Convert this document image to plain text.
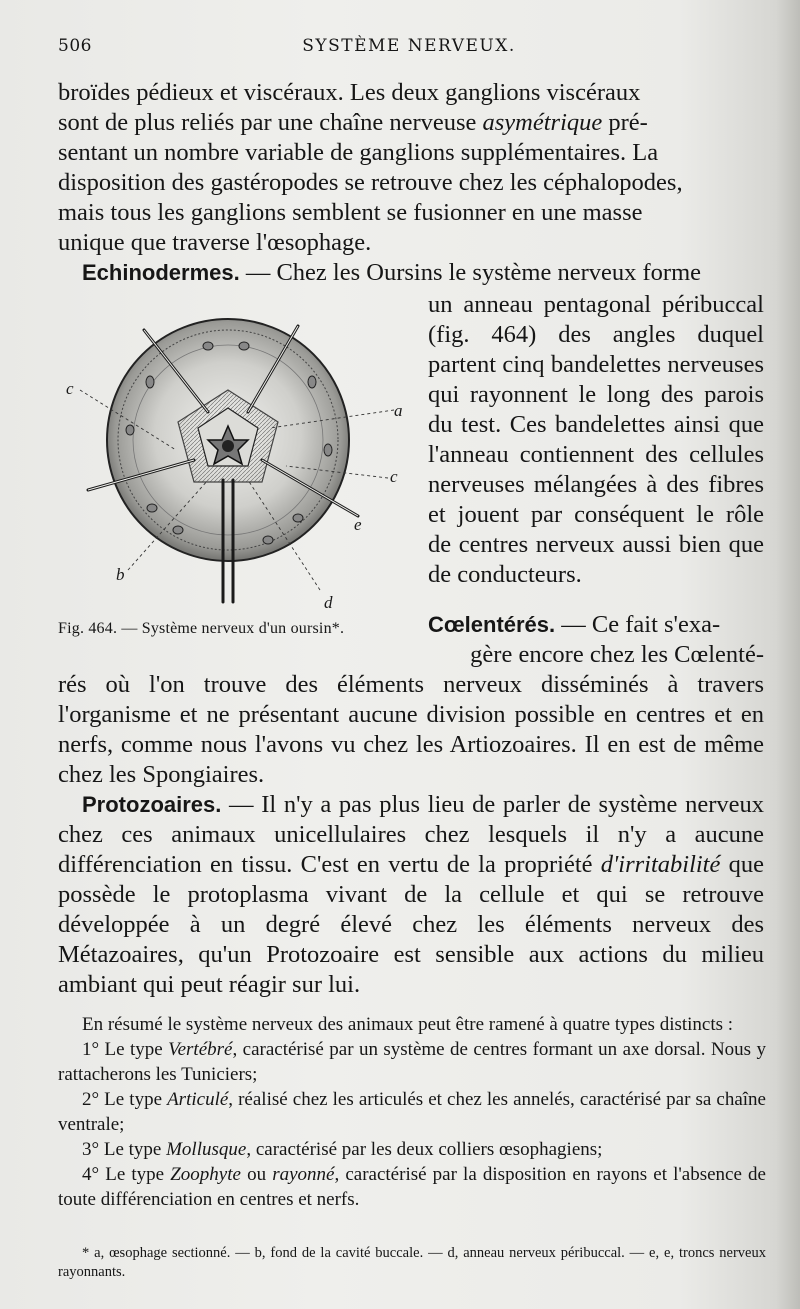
506	SYSTÈME NERVEUX.

broïdes pédieux et viscéraux. Les deux ganglions viscéraux

sont de plus reliés par une chaîne nerveuse asymétrique pré-

sentant un nombre variable de ganglions supplémentaires. La

disposition des gastéropodes se retrouve chez les céphalopodes,

mais tous les ganglions semblent se fusionner en une masse

unique que traverse l'œsophage.

Echinodermes. — Chez les Oursins le système nerveux forme

c
a
c
e
b
d
Fig. 464. — Système nerveux d'un oursin*.
un anneau pentagonal péribuccal (fig. 464) des angles duquel partent cinq bandelettes nerveuses qui rayonnent le long des parois du test. Ces bandelettes ainsi que l'anneau contiennent des cellules nerveuses mélangées à des fibres et jouent par conséquent le rôle de centres nerveux aussi bien que de conducteurs.

Cœlentérés. — Ce fait s'exa-

gère encore chez les Cœlenté-

rés où l'on trouve des éléments nerveux disséminés à travers l'organisme et ne présentant aucune division possible en centres et en nerfs, comme nous l'avons vu chez les Artiozoaires. Il en est de même chez les Spongiaires.

Protozoaires. — Il n'y a pas plus lieu de parler de système nerveux chez ces animaux unicellulaires chez lesquels il n'y a aucune différenciation en tissu. C'est en vertu de la propriété d'irritabilité que possède le protoplasma vivant de la cellule et qui se retrouve développée à un degré élevé chez les éléments nerveux des Métazoaires, qu'un Protozoaire est sensible aux actions du milieu ambiant qui peut réagir sur lui.

En résumé le système nerveux des animaux peut être ramené à quatre types distincts :

1° Le type Vertébré, caractérisé par un système de centres formant un axe dorsal. Nous y rattacherons les Tuniciers;

2° Le type Articulé, réalisé chez les articulés et chez les annelés, caractérisé par sa chaîne ventrale;

3° Le type Mollusque, caractérisé par les deux colliers œsophagiens;

4° Le type Zoophyte ou rayonné, caractérisé par la disposition en rayons et l'absence de toute différenciation en centres et nerfs.

* a, œsophage sectionné. — b, fond de la cavité buccale. — d, anneau nerveux péribuccal. — e, e, troncs nerveux rayonnants.
